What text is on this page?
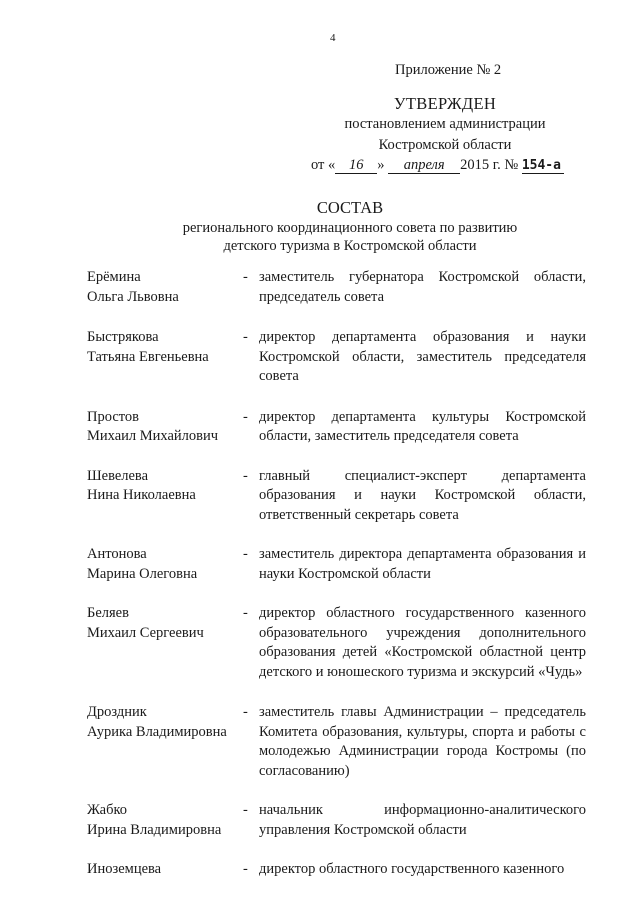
4
Приложение № 2
УТВЕРЖДЕН
постановлением администрации
Костромской области
от « 16 » апреля 2015 г. № 154-а
СОСТАВ
регионального координационного совета по развитию
детского туризма в Костромской области
Ерёмина
Ольга Львовна
- заместитель губернатора Костромской области, председатель совета
Быстрякова
Татьяна Евгеньевна
- директор департамента образования и науки Костромской области, заместитель председателя совета
Простов
Михаил Михайлович
- директор департамента культуры Костромской области, заместитель председателя совета
Шевелева
Нина Николаевна
- главный специалист-эксперт департамента образования и науки Костромской области, ответственный секретарь совета
Антонова
Марина Олеговна
- заместитель директора департамента образования и науки Костромской области
Беляев
Михаил Сергеевич
- директор областного государственного казенного образовательного учреждения дополнительного образования детей «Костромской областной центр детского и юношеского туризма и экскурсий «Чудь»
Дроздник
Аурика Владимировна
- заместитель главы Администрации – председатель Комитета образования, культуры, спорта и работы с молодежью Администрации города Костромы (по согласованию)
Жабко
Ирина Владимировна
- начальник информационно-аналитического управления Костромской области
Иноземцева	- директор областного государственного казенного
